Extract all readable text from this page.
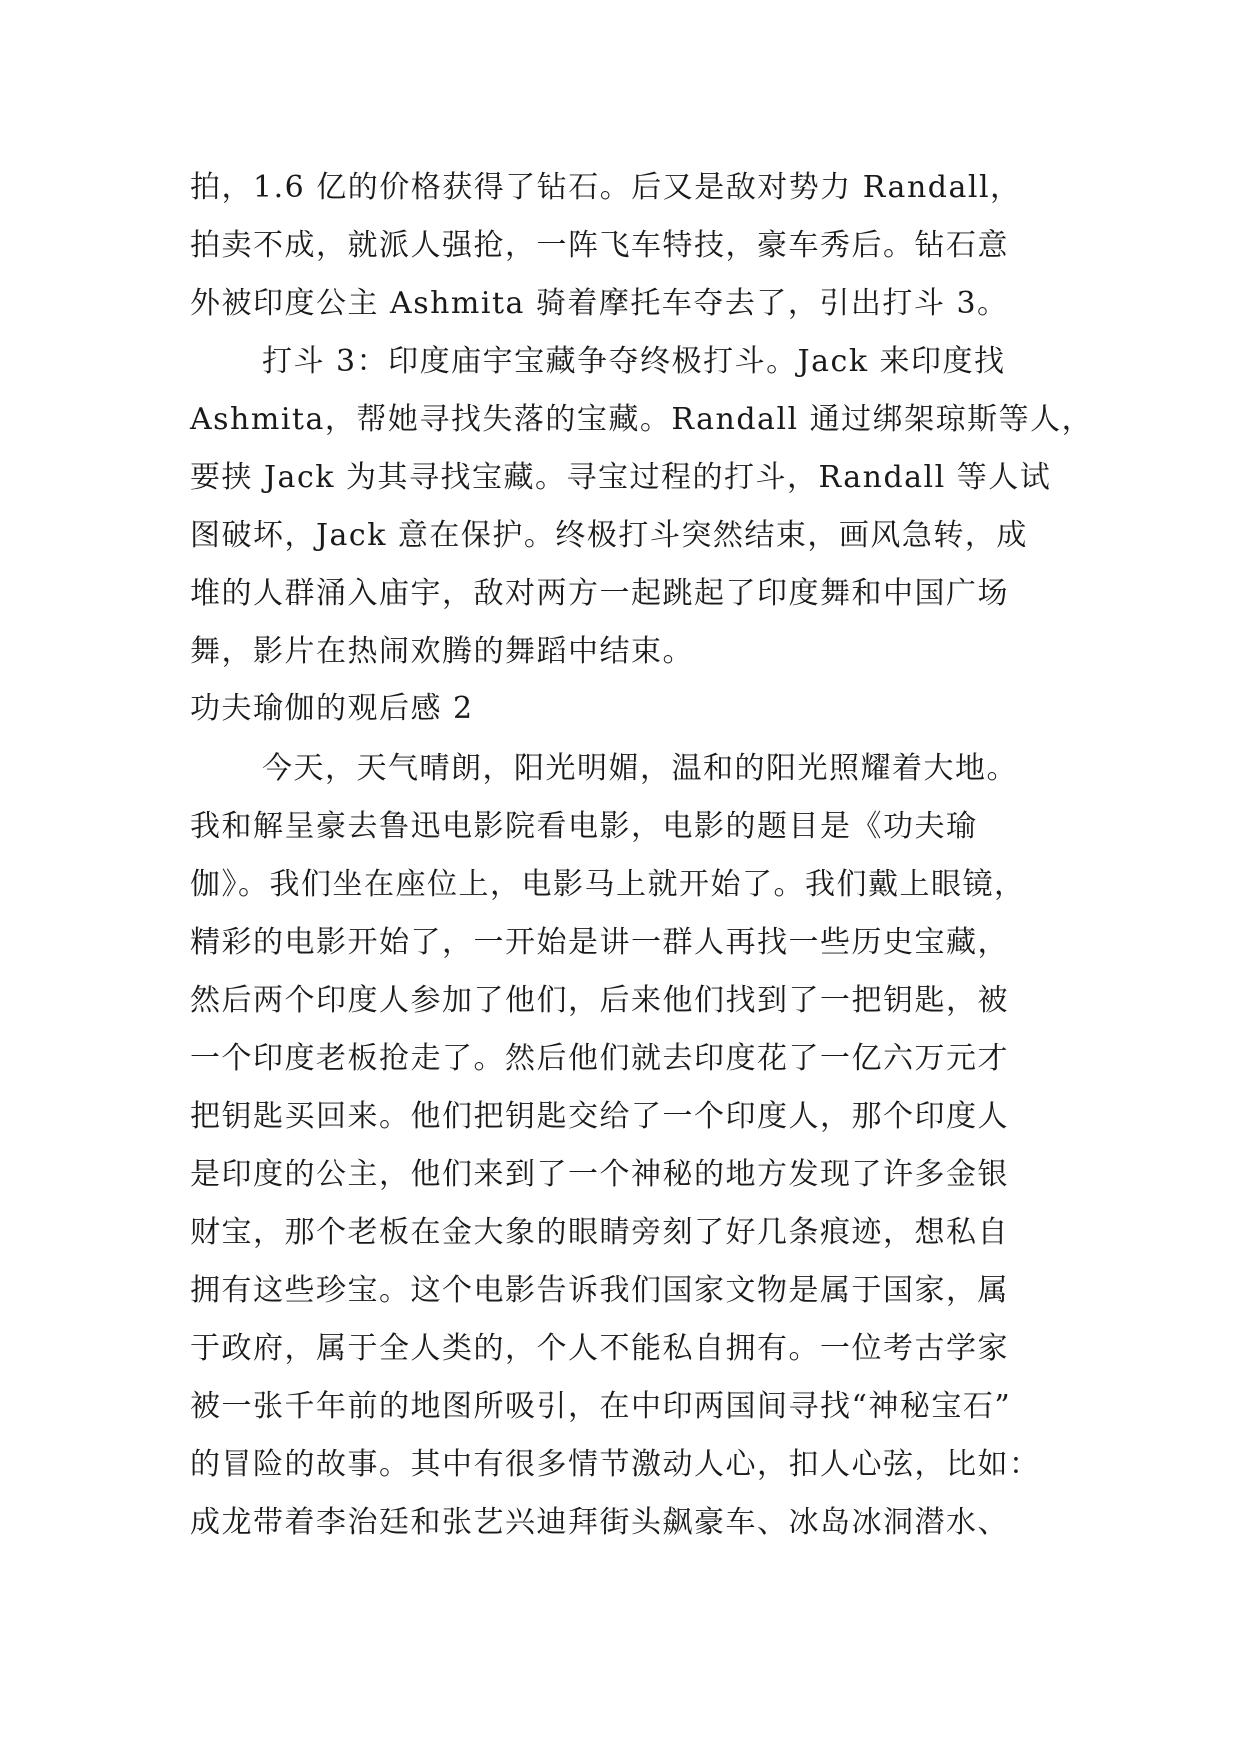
拍，1.6 亿的价格获得了钻石。后又是敌对势力 Randall，
拍卖不成，就派人强抢，一阵飞车特技，豪车秀后。钻石意
外被印度公主 Ashmita 骑着摩托车夺去了，引出打斗 3。
打斗 3：印度庙宇宝藏争夺终极打斗。Jack 来印度找
Ashmita，帮她寻找失落的宝藏。Randall 通过绑架琼斯等人，
要挟 Jack 为其寻找宝藏。寻宝过程的打斗，Randall 等人试
图破坏，Jack 意在保护。终极打斗突然结束，画风急转，成
堆的人群涌入庙宇，敌对两方一起跳起了印度舞和中国广场
舞，影片在热闹欢腾的舞蹈中结束。
功夫瑜伽的观后感 2
今天，天气晴朗，阳光明媚，温和的阳光照耀着大地。
我和解呈豪去鲁迅电影院看电影，电影的题目是《功夫瑜
伽》。我们坐在座位上，电影马上就开始了。我们戴上眼镜，
精彩的电影开始了，一开始是讲一群人再找一些历史宝藏，
然后两个印度人参加了他们，后来他们找到了一把钥匙，被
一个印度老板抢走了。然后他们就去印度花了一亿六万元才
把钥匙买回来。他们把钥匙交给了一个印度人，那个印度人
是印度的公主，他们来到了一个神秘的地方发现了许多金银
财宝，那个老板在金大象的眼睛旁刻了好几条痕迹，想私自
拥有这些珍宝。这个电影告诉我们国家文物是属于国家，属
于政府，属于全人类的，个人不能私自拥有。一位考古学家
被一张千年前的地图所吸引，在中印两国间寻找“神秘宝石”
的冒险的故事。其中有很多情节激动人心，扣人心弦，比如：
成龙带着李治廷和张艺兴迪拜街头飙豪车、冰岛冰洞潜水、
